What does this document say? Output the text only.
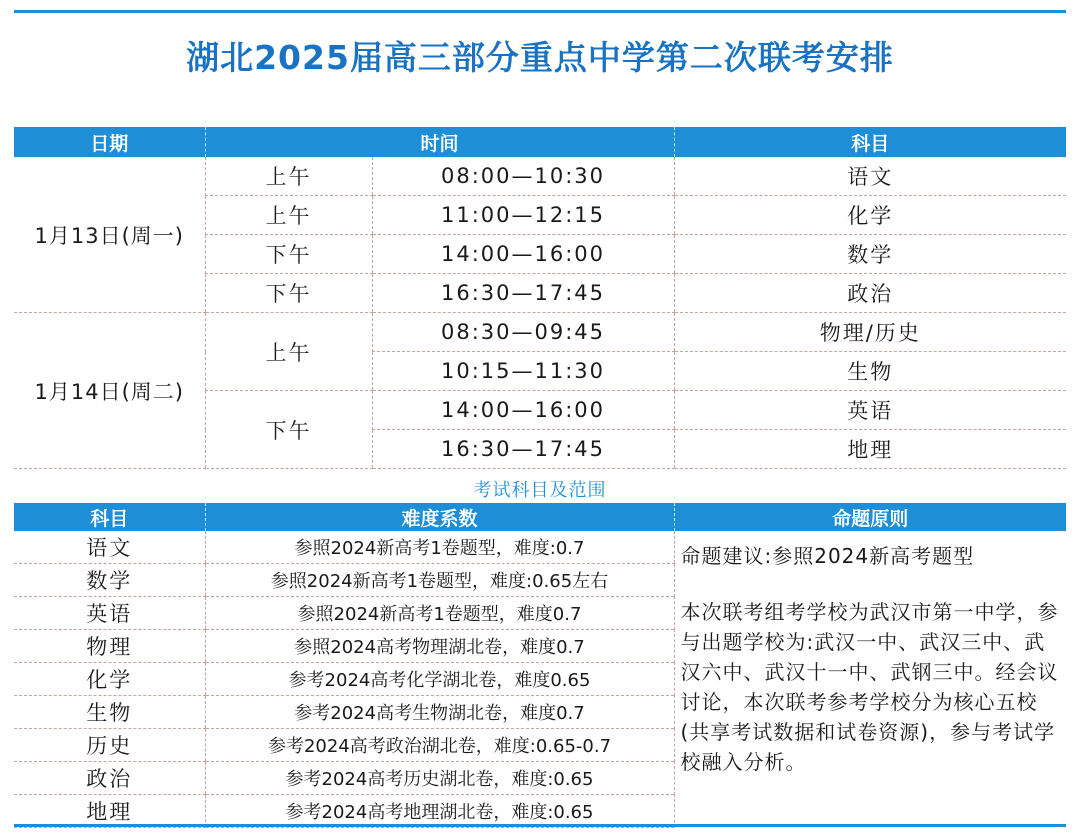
湖北2025届高三部分重点中学第二次联考安排
日期	时间		科目
1月13日(周一)	上午	08:00—10:30	语文
	上午	11:00—12:15	化学
	下午	14:00—16:00	数学
	下午	16:30—17:45	政治
1月14日(周二)	上午	08:30—09:45	物理/历史
		10:15—11:30	生物
	下午	14:00—16:00	英语
		16:30—17:45	地理
考试科目及范围
科目	难度系数	命题原则
语文	参照2024新高考1卷题型，难度:0.7	命题建议:参照2024新高考题型

本次联考组考学校为武汉市第一中学，参与出题学校为:武汉一中、武汉三中、武汉六中、武汉十一中、武钢三中。经会议讨论，本次联考参考学校分为核心五校(共享考试数据和试卷资源)，参与考试学校融入分析。

数学	参照2024新高考1卷题型，难度:0.65左右	
英语	参照2024新高考1卷题型，难度0.7	
物理	参照2024高考物理湖北卷，难度0.7	
化学	参考2024高考化学湖北卷，难度0.65	
生物	参考2024高考生物湖北卷，难度0.7	
历史	参考2024高考政治湖北卷，难度:0.65-0.7	
政治	参考2024高考历史湖北卷，难度:0.65	
地理	参考2024高考地理湖北卷，难度:0.65	
